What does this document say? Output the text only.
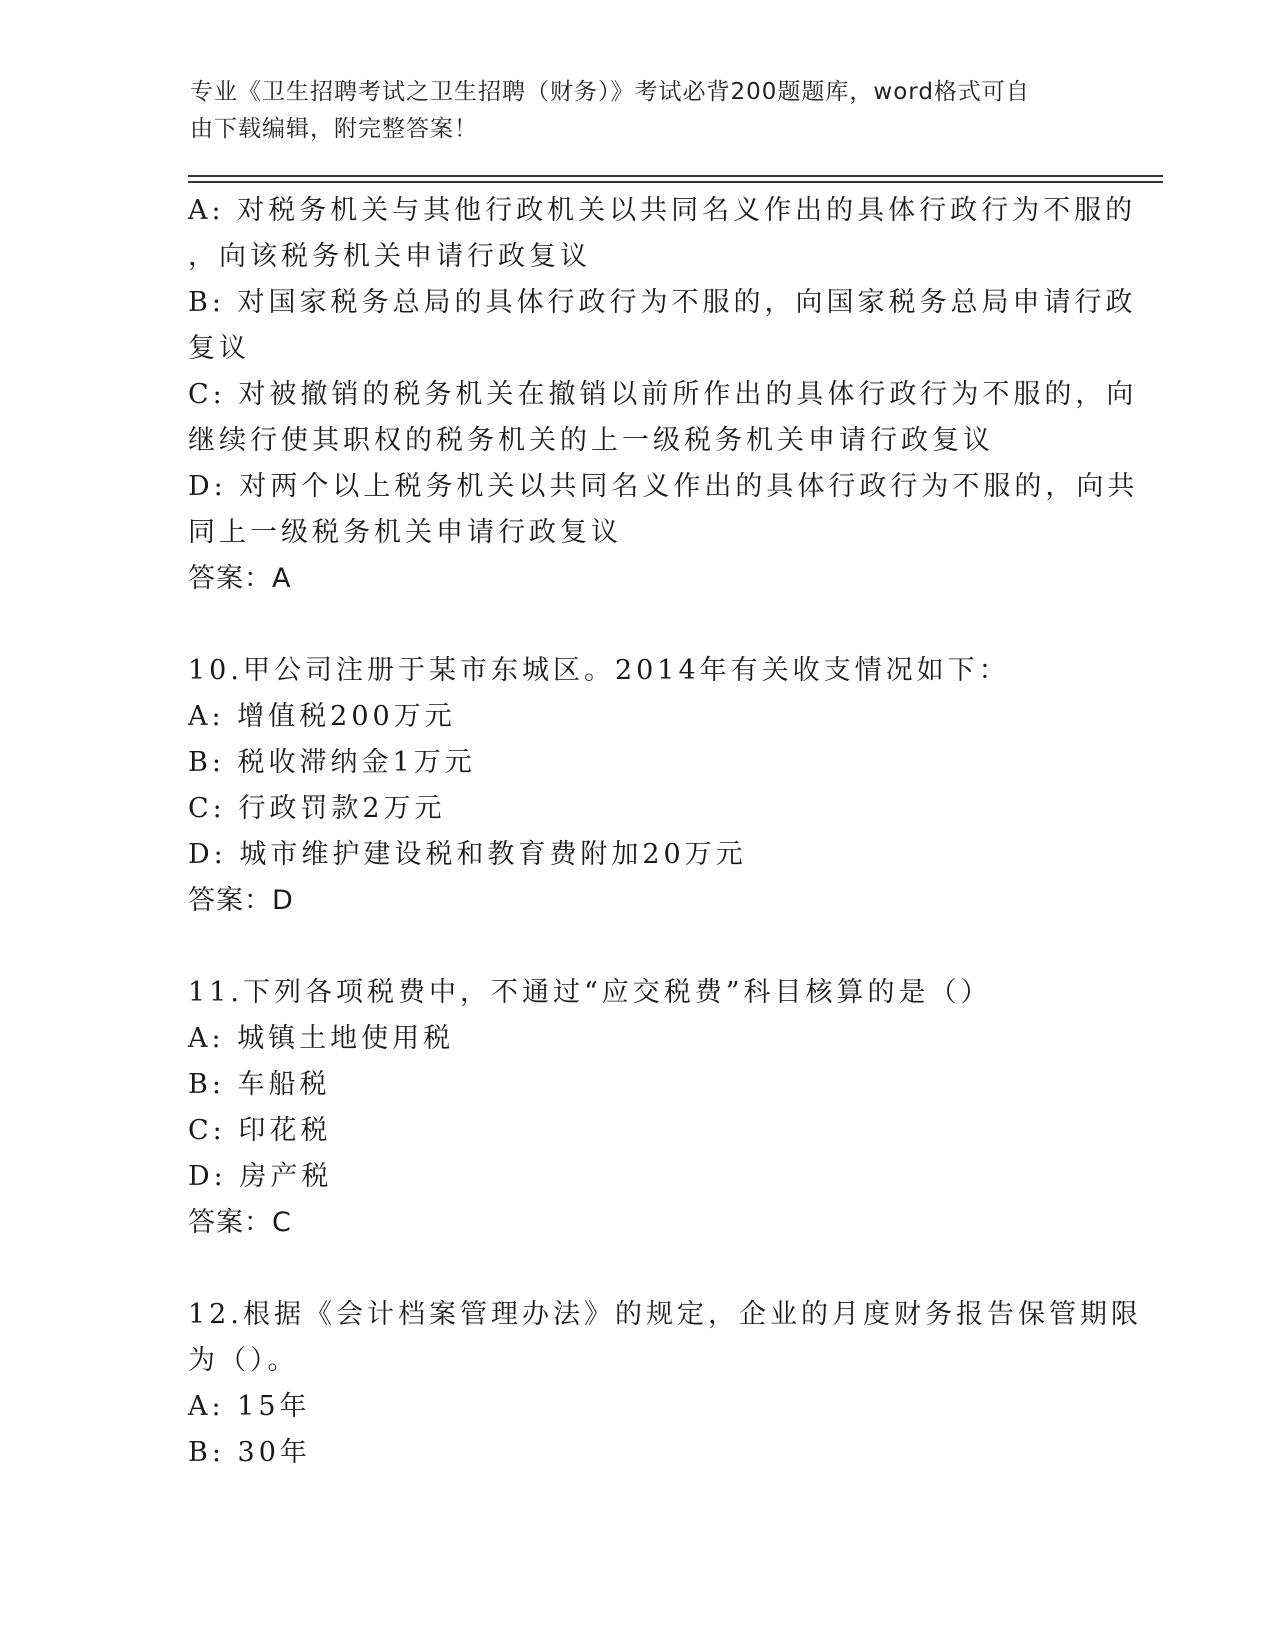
专业《卫生招聘考试之卫生招聘（财务）》考试必背200题题库，word格式可自
由下载编辑，附完整答案！
A: 对税务机关与其他行政机关以共同名义作出的具体行政行为不服的
，向该税务机关申请行政复议
B: 对国家税务总局的具体行政行为不服的，向国家税务总局申请行政
复议
C: 对被撤销的税务机关在撤销以前所作出的具体行政行为不服的，向
继续行使其职权的税务机关的上一级税务机关申请行政复议
D: 对两个以上税务机关以共同名义作出的具体行政行为不服的，向共
同上一级税务机关申请行政复议
答案：A
10.甲公司注册于某市东城区。2014年有关收支情况如下：
A: 增值税200万元
B: 税收滞纳金1万元
C: 行政罚款2万元
D: 城市维护建设税和教育费附加20万元
答案：D
11.下列各项税费中，不通过“应交税费”科目核算的是（）
A: 城镇土地使用税
B: 车船税
C: 印花税
D: 房产税
答案：C
12.根据《会计档案管理办法》的规定，企业的月度财务报告保管期限
为（）。
A: 15年
B: 30年
